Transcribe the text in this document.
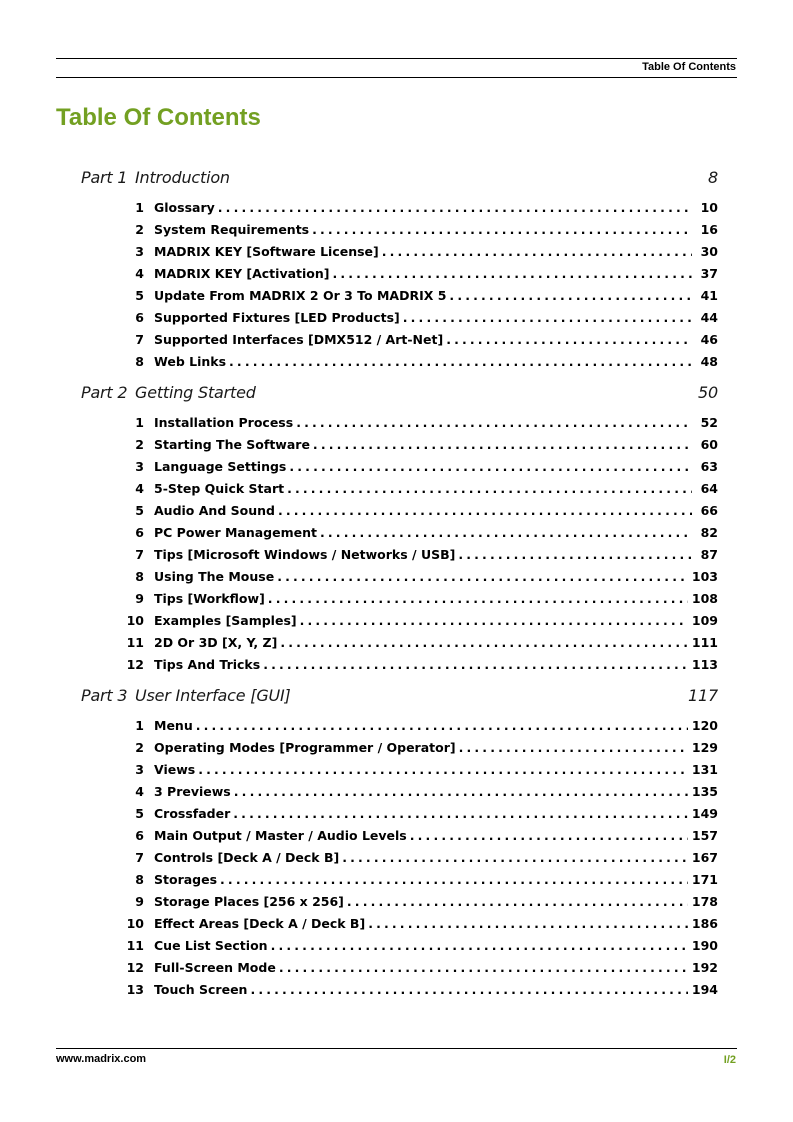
Table Of Contents
Table Of Contents
Part 1 Introduction	8
1 Glossary . . .	10
2 System Requirements . . .	16
3 MADRIX KEY [Software License] . . .	30
4 MADRIX KEY [Activation] . . .	37
5 Update From MADRIX 2 Or 3 To MADRIX 5 . . .	41
6 Supported Fixtures [LED Products] . . .	44
7 Supported Interfaces [DMX512 / Art-Net] . . .	46
8 Web Links . . .	48
Part 2 Getting Started	50
1 Installation Process . . .	52
2 Starting The Software . . .	60
3 Language Settings . . .	63
4 5-Step Quick Start . . .	64
5 Audio And Sound . . .	66
6 PC Power Management . . .	82
7 Tips [Microsoft Windows / Networks / USB] . . .	87
8 Using The Mouse . . .	103
9 Tips [Workflow] . . .	108
10 Examples [Samples] . . .	109
11 2D Or 3D [X, Y, Z] . . .	111
12 Tips And Tricks . . .	113
Part 3 User Interface [GUI]	117
1 Menu . . .	120
2 Operating Modes [Programmer / Operator] . . .	129
3 Views . . .	131
4 3 Previews . . .	135
5 Crossfader . . .	149
6 Main Output / Master / Audio Levels . . .	157
7 Controls [Deck A / Deck B] . . .	167
8 Storages . . .	171
9 Storage Places [256 x 256] . . .	178
10 Effect Areas [Deck A / Deck B] . . .	186
11 Cue List Section . . .	190
12 Full-Screen Mode . . .	192
13 Touch Screen . . .	194
www.madrix.com	I/2
